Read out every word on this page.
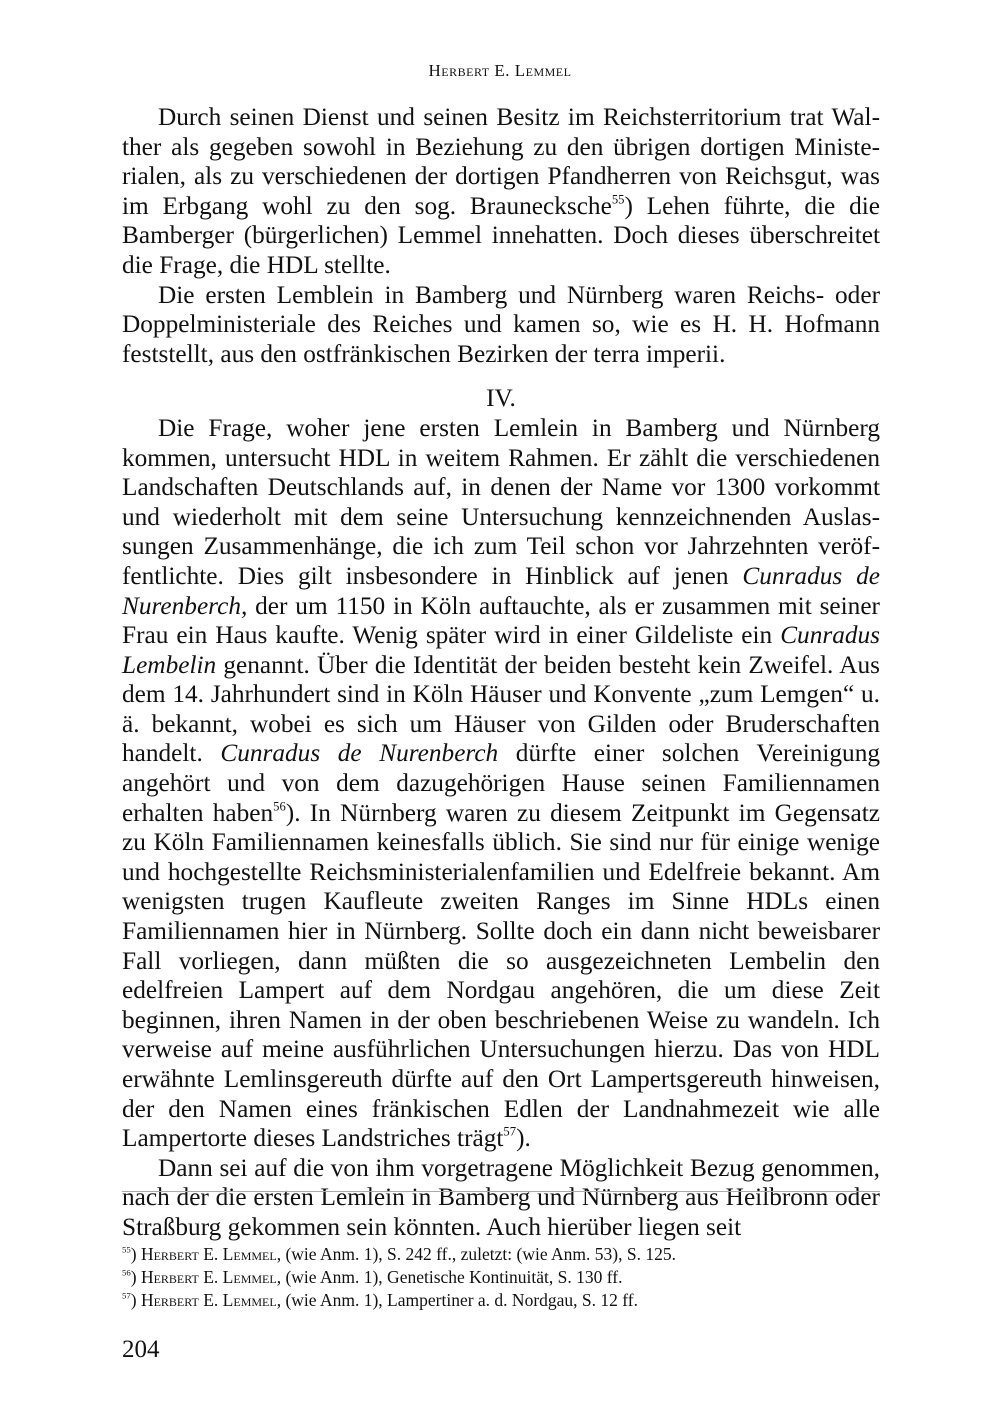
Herbert E. Lemmel

Durch seinen Dienst und seinen Besitz im Reichsterritorium trat Walther als gegeben sowohl in Beziehung zu den übrigen dortigen Ministerialen, als zu verschiedenen der dortigen Pfandherren von Reichsgut, was im Erbgang wohl zu den sog. Braunecksche$^{55}$) Lehen führte, die die Bamberger (bürgerlichen) Lemmel innehatten. Doch dieses überschreitet die Frage, die HDL stellte.

Die ersten Lemblein in Bamberg und Nürnberg waren Reichs- oder Doppelministeriale des Reiches und kamen so, wie es H. H. Hofmann feststellt, aus den ostfränkischen Bezirken der terra imperii.

IV.

Die Frage, woher jene ersten Lemlein in Bamberg und Nürnberg kommen, untersucht HDL in weitem Rahmen. Er zählt die verschiedenen Landschaften Deutschlands auf, in denen der Name vor 1300 vorkommt und wiederholt mit dem seine Untersuchung kennzeichnenden Auslassungen Zusammenhänge, die ich zum Teil schon vor Jahrzehnten veröffentlichte. Dies gilt insbesondere in Hinblick auf jenen Cunradus de Nurenberch, der um 1150 in Köln auftauchte, als er zusammen mit seiner Frau ein Haus kaufte. Wenig später wird in einer Gildeliste ein Cunradus Lembelin genannt. Über die Identität der beiden besteht kein Zweifel. Aus dem 14. Jahrhundert sind in Köln Häuser und Konvente „zum Lemgen“ u. ä. bekannt, wobei es sich um Häuser von Gilden oder Bruderschaften handelt. Cunradus de Nurenberch dürfte einer solchen Vereinigung angehört und von dem dazugehörigen Hause seinen Familiennamen erhalten haben$^{56}$). In Nürnberg waren zu diesem Zeitpunkt im Gegensatz zu Köln Familiennamen keinesfalls üblich. Sie sind nur für einige wenige und hochgestellte Reichsministerialenfamilien und Edelfreie bekannt. Am wenigsten trugen Kaufleute zweiten Ranges im Sinne HDLs einen Familiennamen hier in Nürnberg. Sollte doch ein dann nicht beweisbarer Fall vorliegen, dann müßten die so ausgezeichneten Lembelin den edelfreien Lampert auf dem Nordgau angehören, die um diese Zeit beginnen, ihren Namen in der oben beschriebenen Weise zu wandeln. Ich verweise auf meine ausführlichen Untersuchungen hierzu. Das von HDL erwähnte Lemlinsgereuth dürfte auf den Ort Lampertsgereuth hinweisen, der den Namen eines fränkischen Edlen der Landnahmezeit wie alle Lampertorte dieses Landstriches trägt$^{57}$).

Dann sei auf die von ihm vorgetragene Möglichkeit Bezug genommen, nach der die ersten Lemlein in Bamberg und Nürnberg aus Heilbronn oder Straßburg gekommen sein könnten. Auch hierüber liegen seit

$^{55}$) Herbert E. Lemmel, (wie Anm. 1), S. 242 ff., zuletzt: (wie Anm. 53), S. 125.

$^{56}$) Herbert E. Lemmel, (wie Anm. 1), Genetische Kontinuität, S. 130 ff.

$^{57}$) Herbert E. Lemmel, (wie Anm. 1), Lampertiner a. d. Nordgau, S. 12 ff.

204
